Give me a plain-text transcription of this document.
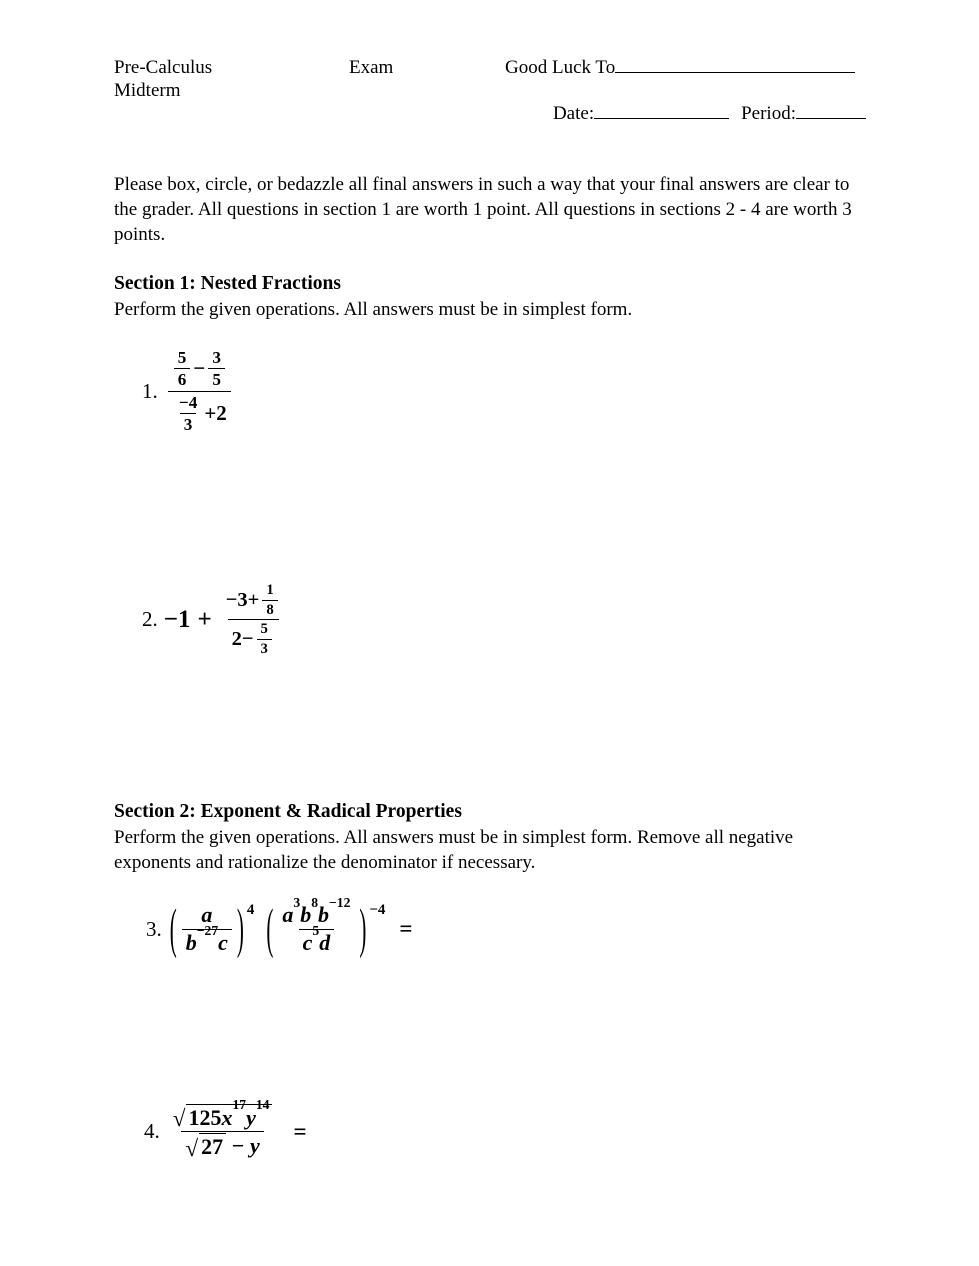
Pre-Calculus	Exam	Good Luck To
Midterm

Date:	Period:

Please box, circle, or bedazzle all final answers in such a way that your final answers are clear to the grader. All questions in section 1 are worth 1 point. All questions in sections 2 - 4 are worth 3 points.
Section 1: Nested Fractions
Perform the given operations. All answers must be in simplest form.
1.
$\frac{5}{6} - \frac{3}{5}$
$\frac{-4}{3} +2$
2. $-1 + \frac{-3+ \frac{1}{8}}{2- \frac{5}{3}}$
Section 2: Exponent & Radical Properties
Perform the given operations. All answers must be in simplest form. Remove all negative exponents and rationalize the denominator if necessary.
3. ( $\frac{a}{b -27 c}$ ) 4 ( $\frac{a 3 b 8 b -12}{c 5 d}$ ) −4
=
4.
√ 125 x 17 y 14
√ 27 − y
=
